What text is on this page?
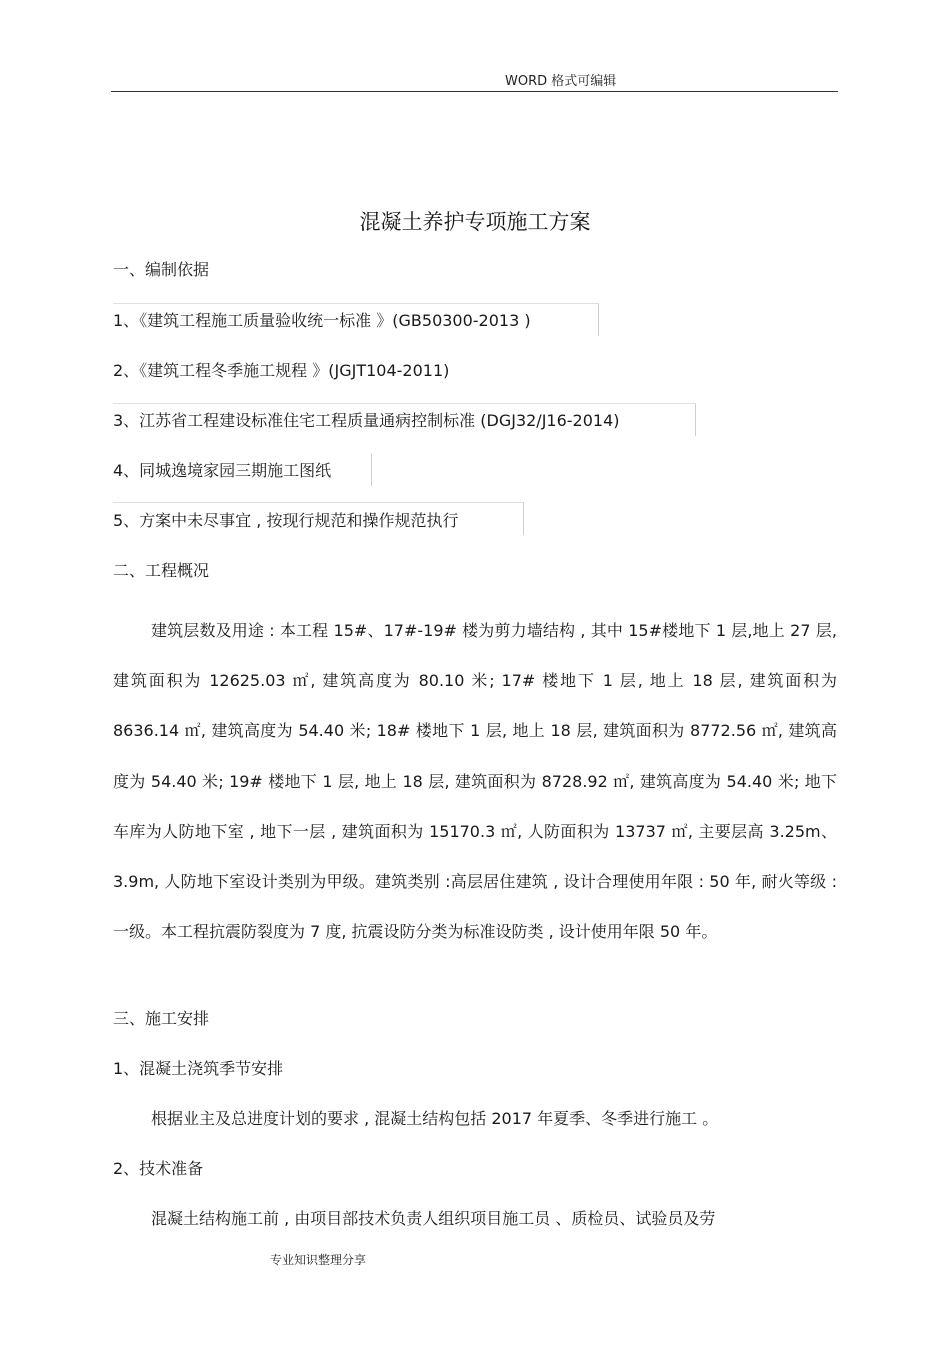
WORD 格式可编辑
混凝土养护专项施工方案
一、编制依据
1、《建筑工程施工质量验收统一标准 》(GB50300-2013 )
2、《建筑工程冬季施工规程 》(JGJT104-2011)
3、江苏省工程建设标准住宅工程质量通病控制标准 (DGJ32/J16-2014)
4、同城逸境家园三期施工图纸
5、方案中未尽事宜 , 按现行规范和操作规范执行
二、工程概况
建筑层数及用途 : 本工程 15#、17#-19# 楼为剪力墙结构 , 其中 15#楼地下 1 层,地上 27 层, 建筑面积为 12625.03 ㎡, 建筑高度为 80.10 米; 17# 楼地下 1 层, 地上 18 层, 建筑面积为 8636.14 ㎡, 建筑高度为 54.40 米; 18# 楼地下 1 层, 地上 18 层, 建筑面积为 8772.56 ㎡, 建筑高度为 54.40 米; 19# 楼地下 1 层, 地上 18 层, 建筑面积为 8728.92 ㎡, 建筑高度为 54.40 米; 地下车库为人防地下室 , 地下一层 , 建筑面积为 15170.3 ㎡, 人防面积为 13737 ㎡, 主要层高 3.25m、3.9m, 人防地下室设计类别为甲级。建筑类别 :高层居住建筑 , 设计合理使用年限 : 50 年, 耐火等级 : 一级。本工程抗震防裂度为 7 度, 抗震设防分类为标准设防类 , 设计使用年限 50 年。
三、施工安排
1、混凝土浇筑季节安排
根据业主及总进度计划的要求 , 混凝土结构包括 2017 年夏季、冬季进行施工 。
2、技术准备
混凝土结构施工前 , 由项目部技术负责人组织项目施工员 、质检员、试验员及劳
专业知识整理分享
